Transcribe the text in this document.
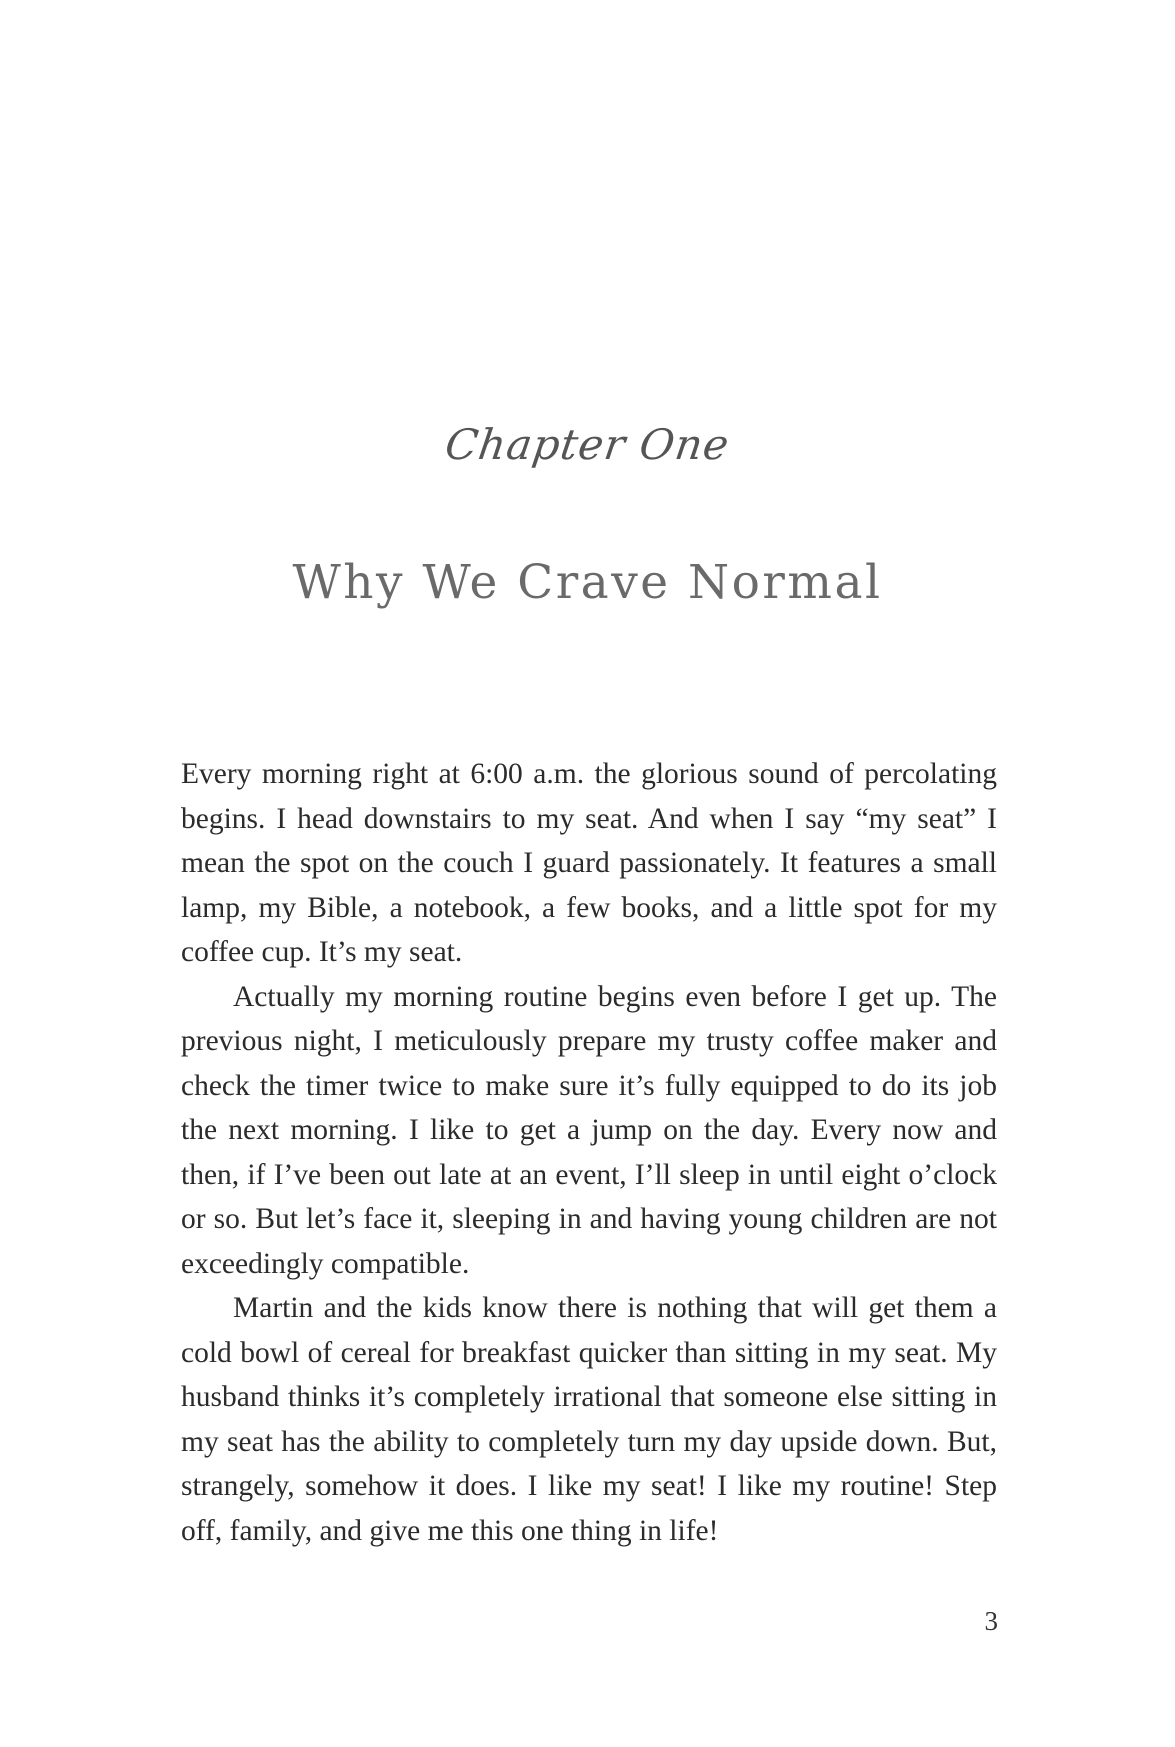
Chapter One
Why We Crave Normal

Every morning right at 6:00 a.m. the glorious sound of percolating begins. I head downstairs to my seat. And when I say “my seat” I mean the spot on the couch I guard passionately. It features a small lamp, my Bible, a notebook, a few books, and a little spot for my coffee cup. It’s my seat.

Actually my morning routine begins even before I get up. The previous night, I meticulously prepare my trusty coffee maker and check the timer twice to make sure it’s fully equipped to do its job the next morning. I like to get a jump on the day. Every now and then, if I’ve been out late at an event, I’ll sleep in until eight o’clock or so. But let’s face it, sleeping in and having young children are not exceedingly compatible.

Martin and the kids know there is nothing that will get them a cold bowl of cereal for breakfast quicker than sitting in my seat. My husband thinks it’s completely irrational that someone else sitting in my seat has the ability to completely turn my day upside down. But, strangely, somehow it does. I like my seat! I like my routine! Step off, family, and give me this one thing in life!

3
